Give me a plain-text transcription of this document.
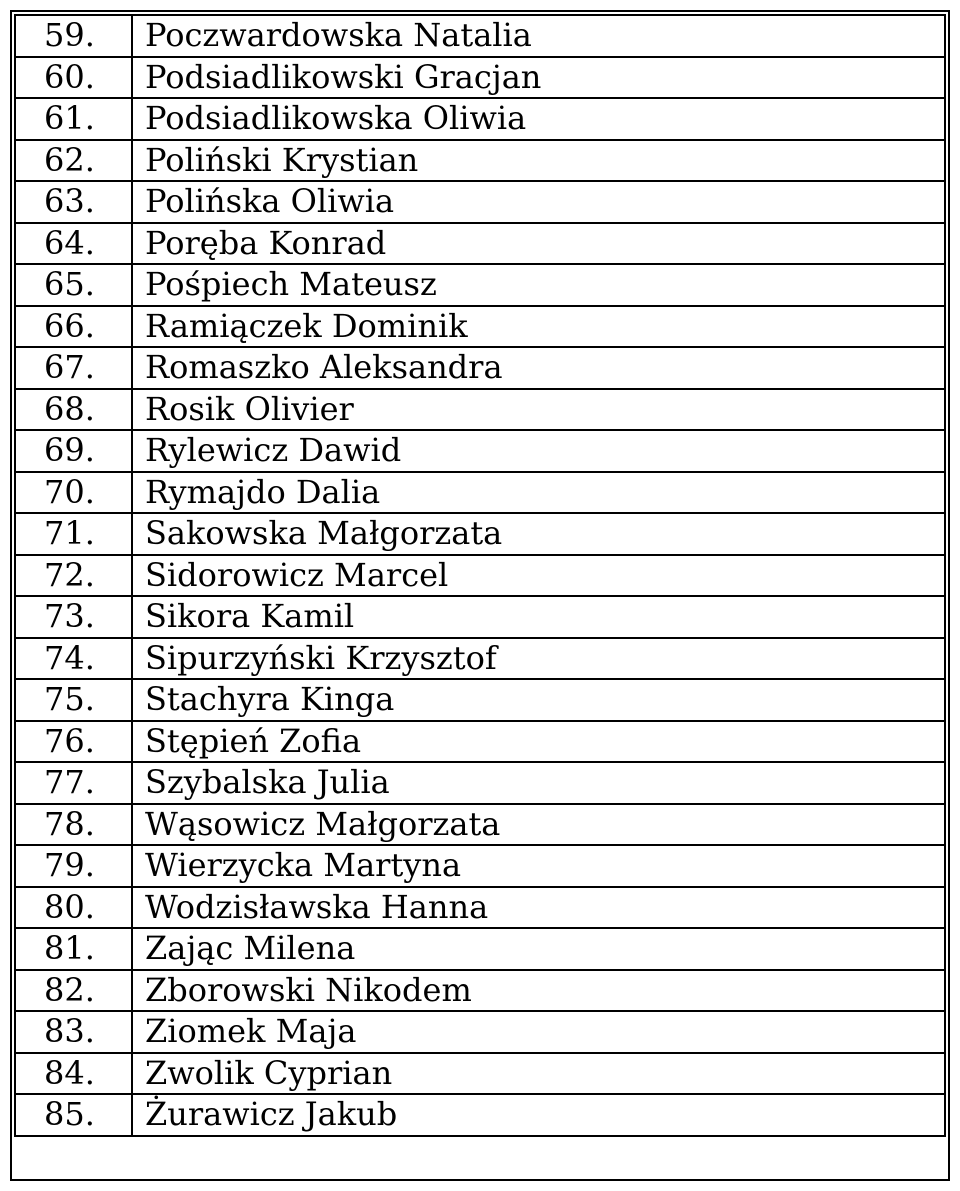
59.	Poczwardowska Natalia
60.	Podsiadlikowski Gracjan
61.	Podsiadlikowska Oliwia
62.	Poliński Krystian
63.	Polińska Oliwia
64.	Poręba Konrad
65.	Pośpiech Mateusz
66.	Ramiączek Dominik
67.	Romaszko Aleksandra
68.	Rosik Olivier
69.	Rylewicz Dawid
70.	Rymajdo Dalia
71.	Sakowska Małgorzata
72.	Sidorowicz Marcel
73.	Sikora Kamil
74.	Sipurzyński Krzysztof
75.	Stachyra Kinga
76.	Stępień Zofia
77.	Szybalska Julia
78.	Wąsowicz Małgorzata
79.	Wierzycka Martyna
80.	Wodzisławska Hanna
81.	Zając Milena
82.	Zborowski Nikodem
83.	Ziomek Maja
84.	Zwolik Cyprian
85.	Żurawicz Jakub
